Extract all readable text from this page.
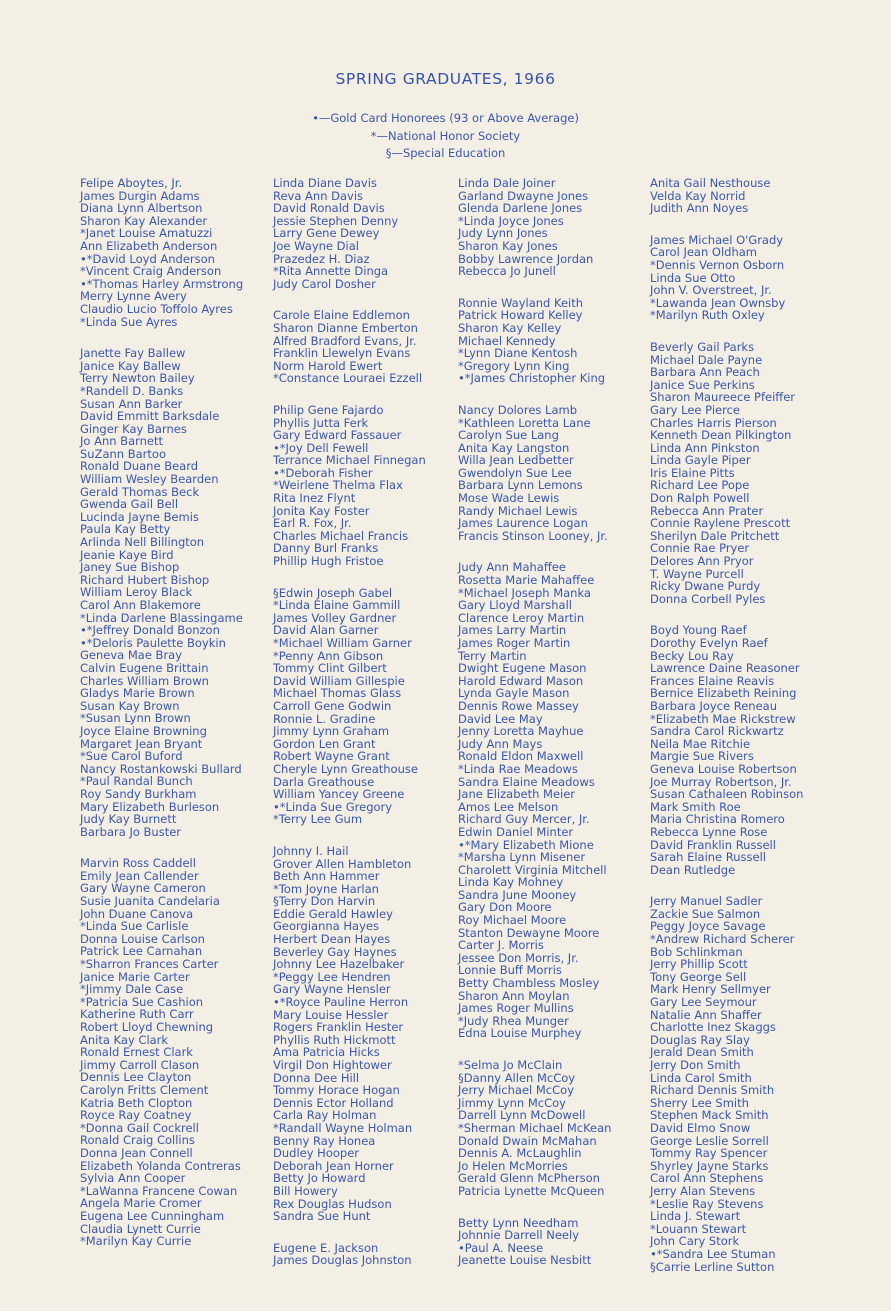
SPRING GRADUATES, 1966
•—Gold Card Honorees (93 or Above Average)
*—National Honor Society
§—Special Education
Felipe Aboytes, Jr.
James Durgin Adams
Diana Lynn Albertson
Sharon Kay Alexander
*Janet Louise Amatuzzi
Ann Elizabeth Anderson
•*David Loyd Anderson
*Vincent Craig Anderson
•*Thomas Harley Armstrong
Merry Lynne Avery
Claudio Lucio Toffolo Ayres
*Linda Sue Ayres
Janette Fay Ballew
Janice Kay Ballew
Terry Newton Bailey
*Randell D. Banks
Susan Ann Barker
David Emmitt Barksdale
Ginger Kay Barnes
Jo Ann Barnett
SuZann Bartoo
Ronald Duane Beard
William Wesley Bearden
Gerald Thomas Beck
Gwenda Gail Bell
Lucinda Jayne Bemis
Paula Kay Betty
Arlinda Nell Billington
Jeanie Kaye Bird
Janey Sue Bishop
Richard Hubert Bishop
William Leroy Black
Carol Ann Blakemore
*Linda Darlene Blassingame
•*Jeffrey Donald Bonzon
•*Deloris Paulette Boykin
Geneva Mae Bray
Calvin Eugene Brittain
Charles William Brown
Gladys Marie Brown
Susan Kay Brown
*Susan Lynn Brown
Joyce Elaine Browning
Margaret Jean Bryant
*Sue Carol Buford
Nancy Rostankowski Bullard
*Paul Randal Bunch
Roy Sandy Burkham
Mary Elizabeth Burleson
Judy Kay Burnett
Barbara Jo Buster
Marvin Ross Caddell
Emily Jean Callender
Gary Wayne Cameron
Susie Juanita Candelaria
John Duane Canova
*Linda Sue Carlisle
Donna Louise Carlson
Patrick Lee Carnahan
*Sharron Frances Carter
Janice Marie Carter
*Jimmy Dale Case
*Patricia Sue Cashion
Katherine Ruth Carr
Robert Lloyd Chewning
Anita Kay Clark
Ronald Ernest Clark
Jimmy Carroll Clason
Dennis Lee Clayton
Carolyn Fritts Clement
Katria Beth Clopton
Royce Ray Coatney
*Donna Gail Cockrell
Ronald Craig Collins
Donna Jean Connell
Elizabeth Yolanda Contreras
Sylvia Ann Cooper
*LaWanna Francene Cowan
Angela Marie Cromer
Eugena Lee Cunningham
Claudia Lynett Currie
*Marilyn Kay Currie
Linda Diane Davis
Reva Ann Davis
David Ronald Davis
Jessie Stephen Denny
Larry Gene Dewey
Joe Wayne Dial
Prazedez H. Diaz
*Rita Annette Dinga
Judy Carol Dosher
Carole Elaine Eddlemon
Sharon Dianne Emberton
Alfred Bradford Evans, Jr.
Franklin Llewelyn Evans
Norm Harold Ewert
*Constance Louraei Ezzell
Philip Gene Fajardo
Phyllis Jutta Ferk
Gary Edward Fassauer
•*Joy Dell Fewell
Terrance Michael Finnegan
•*Deborah Fisher
*Weirlene Thelma Flax
Rita Inez Flynt
Jonita Kay Foster
Earl R. Fox, Jr.
Charles Michael Francis
Danny Burl Franks
Phillip Hugh Fristoe
§Edwin Joseph Gabel
*Linda Elaine Gammill
James Volley Gardner
David Alan Garner
*Michael William Garner
*Penny Ann Gibson
Tommy Clint Gilbert
David William Gillespie
Michael Thomas Glass
Carroll Gene Godwin
Ronnie L. Gradine
Jimmy Lynn Graham
Gordon Len Grant
Robert Wayne Grant
Cheryle Lynn Greathouse
Darla Greathouse
William Yancey Greene
•*Linda Sue Gregory
*Terry Lee Gum
Johnny I. Hail
Grover Allen Hambleton
Beth Ann Hammer
*Tom Joyne Harlan
§Terry Don Harvin
Eddie Gerald Hawley
Georgianna Hayes
Herbert Dean Hayes
Beverley Gay Haynes
Johnny Lee Hazelbaker
*Peggy Lee Hendren
Gary Wayne Hensler
•*Royce Pauline Herron
Mary Louise Hessler
Rogers Franklin Hester
Phyllis Ruth Hickmott
Ama Patricia Hicks
Virgil Don Hightower
Donna Dee Hill
Tommy Horace Hogan
Dennis Ector Holland
Carla Ray Holman
*Randall Wayne Holman
Benny Ray Honea
Dudley Hooper
Deborah Jean Horner
Betty Jo Howard
Bill Howery
Rex Douglas Hudson
Sandra Sue Hunt
Eugene E. Jackson
James Douglas Johnston
Linda Dale Joiner
Garland Dwayne Jones
Glenda Darlene Jones
*Linda Joyce Jones
Judy Lynn Jones
Sharon Kay Jones
Bobby Lawrence Jordan
Rebecca Jo Junell
Ronnie Wayland Keith
Patrick Howard Kelley
Sharon Kay Kelley
Michael Kennedy
*Lynn Diane Kentosh
*Gregory Lynn King
•*James Christopher King
Nancy Dolores Lamb
*Kathleen Loretta Lane
Carolyn Sue Lang
Anita Kay Langston
Willa Jean Ledbetter
Gwendolyn Sue Lee
Barbara Lynn Lemons
Mose Wade Lewis
Randy Michael Lewis
James Laurence Logan
Francis Stinson Looney, Jr.
Judy Ann Mahaffee
Rosetta Marie Mahaffee
*Michael Joseph Manka
Gary Lloyd Marshall
Clarence Leroy Martin
James Larry Martin
James Roger Martin
Terry Martin
Dwight Eugene Mason
Harold Edward Mason
Lynda Gayle Mason
Dennis Rowe Massey
David Lee May
Jenny Loretta Mayhue
Judy Ann Mays
Ronald Eldon Maxwell
*Linda Rae Meadows
Sandra Elaine Meadows
Jane Elizabeth Meier
Amos Lee Melson
Richard Guy Mercer, Jr.
Edwin Daniel Minter
•*Mary Elizabeth Mione
*Marsha Lynn Misener
Charolett Virginia Mitchell
Linda Kay Mohney
Sandra June Mooney
Gary Don Moore
Roy Michael Moore
Stanton Dewayne Moore
Carter J. Morris
Jessee Don Morris, Jr.
Lonnie Buff Morris
Betty Chambless Mosley
Sharon Ann Moylan
James Roger Mullins
*Judy Rhea Munger
Edna Louise Murphey
*Selma Jo McClain
§Danny Allen McCoy
Jerry Michael McCoy
Jimmy Lynn McCoy
Darrell Lynn McDowell
*Sherman Michael McKean
Donald Dwain McMahan
Dennis A. McLaughlin
Jo Helen McMorries
Gerald Glenn McPherson
Patricia Lynette McQueen
Betty Lynn Needham
Johnnie Darrell Neely
•Paul A. Neese
Jeanette Louise Nesbitt
Anita Gail Nesthouse
Velda Kay Norrid
Judith Ann Noyes
James Michael O'Grady
Carol Jean Oldham
*Dennis Vernon Osborn
Linda Sue Otto
John V. Overstreet, Jr.
*Lawanda Jean Ownsby
*Marilyn Ruth Oxley
Beverly Gail Parks
Michael Dale Payne
Barbara Ann Peach
Janice Sue Perkins
Sharon Maureece Pfeiffer
Gary Lee Pierce
Charles Harris Pierson
Kenneth Dean Pilkington
Linda Ann Pinkston
Linda Gayle Piper
Iris Elaine Pitts
Richard Lee Pope
Don Ralph Powell
Rebecca Ann Prater
Connie Raylene Prescott
Sherilyn Dale Pritchett
Connie Rae Pryer
Delores Ann Pryor
T. Wayne Purcell
Ricky Dwane Purdy
Donna Corbell Pyles
Boyd Young Raef
Dorothy Evelyn Raef
Becky Lou Ray
Lawrence Daine Reasoner
Frances Elaine Reavis
Bernice Elizabeth Reining
Barbara Joyce Reneau
*Elizabeth Mae Rickstrew
Sandra Carol Rickwartz
Neila Mae Ritchie
Margie Sue Rivers
Geneva Louise Robertson
Joe Murray Robertson, Jr.
Susan Cathaleen Robinson
Mark Smith Roe
Maria Christina Romero
Rebecca Lynne Rose
David Franklin Russell
Sarah Elaine Russell
Dean Rutledge
Jerry Manuel Sadler
Zackie Sue Salmon
Peggy Joyce Savage
*Andrew Richard Scherer
Bob Schlinkman
Jerry Phillip Scott
Tony George Sell
Mark Henry Sellmyer
Gary Lee Seymour
Natalie Ann Shaffer
Charlotte Inez Skaggs
Douglas Ray Slay
Jerald Dean Smith
Jerry Don Smith
Linda Carol Smith
Richard Dennis Smith
Sherry Lee Smith
Stephen Mack Smith
David Elmo Snow
George Leslie Sorrell
Tommy Ray Spencer
Shyrley Jayne Starks
Carol Ann Stephens
Jerry Alan Stevens
*Leslie Ray Stevens
Linda J. Stewart
*Louann Stewart
John Cary Stork
•*Sandra Lee Stuman
§Carrie Lerline Sutton
